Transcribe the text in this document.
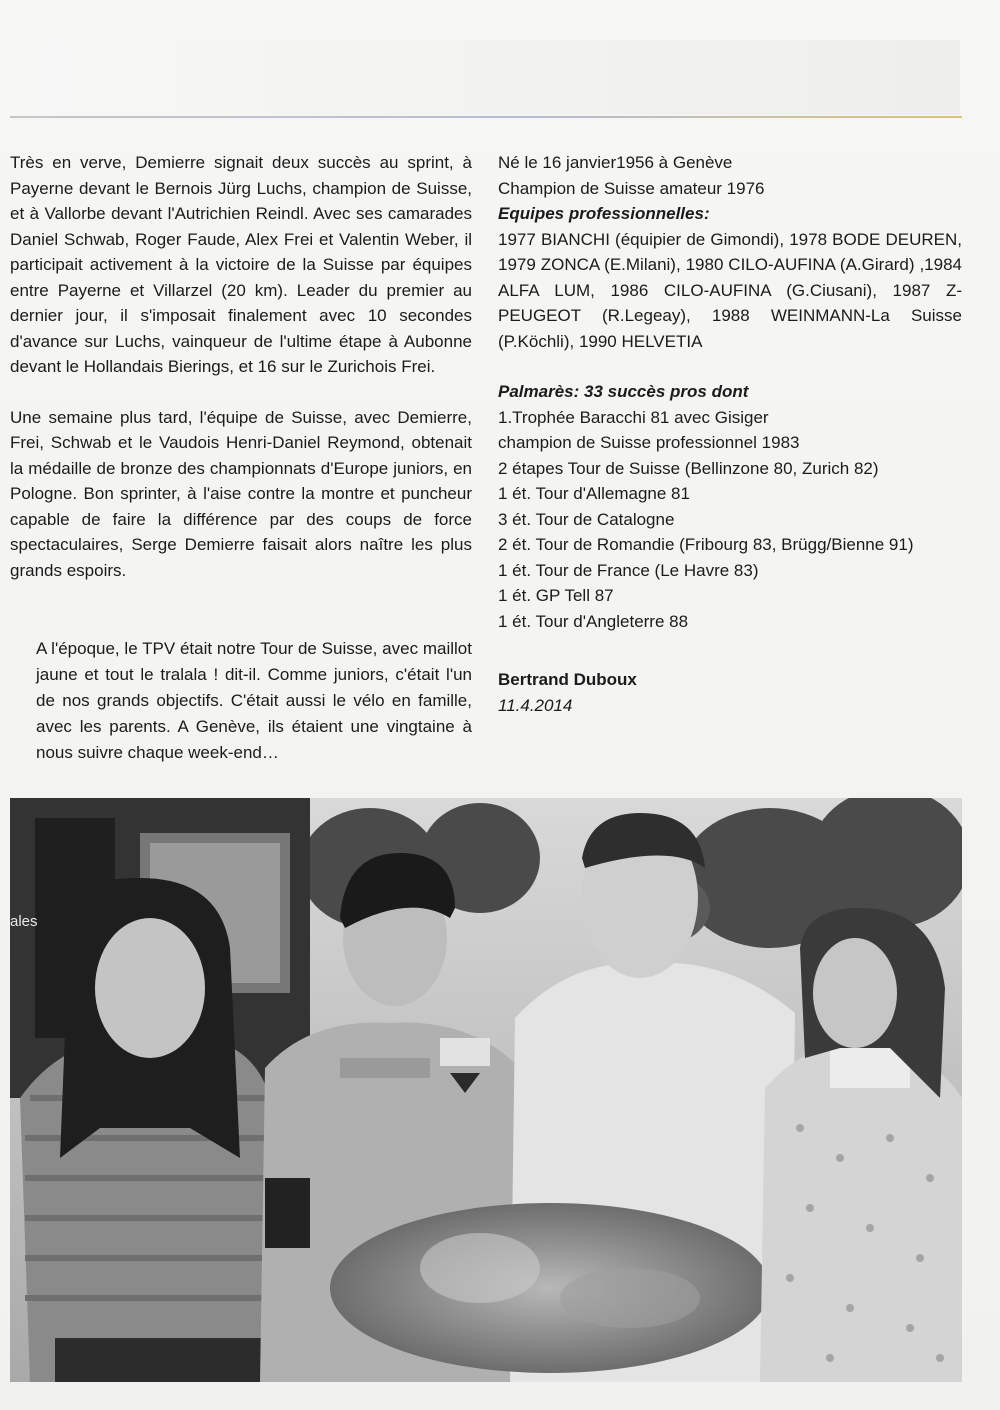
Très en verve, Demierre signait deux succès au sprint, à Payerne devant le Bernois Jürg Luchs, champion de Suisse, et à Vallorbe devant l'Autrichien Reindl. Avec ses camarades Daniel Schwab, Roger Faude, Alex Frei et Valentin Weber, il participait activement à la victoire de la Suisse par équipes entre Payerne et Villarzel (20 km). Leader du premier au dernier jour, il s'imposait finalement avec 10 secondes d'avance sur Luchs, vainqueur de l'ultime étape à Aubonne devant le Hollandais Bierings, et 16 sur le Zurichois Frei.

Une semaine plus tard, l'équipe de Suisse, avec Demierre, Frei, Schwab et le Vaudois Henri-Daniel Reymond, obtenait la médaille de bronze des championnats d'Europe juniors, en Pologne. Bon sprinter, à l'aise contre la montre et puncheur capable de faire la différence par des coups de force spectaculaires, Serge Demierre faisait alors naître les plus grands espoirs.

A l'époque, le TPV était notre Tour de Suisse, avec maillot jaune et tout le tralala ! dit-il. Comme juniors, c'était l'un de nos grands objectifs. C'était aussi le vélo en famille, avec les parents. A Genève, ils étaient une vingtaine à nous suivre chaque week-end…
Né le 16 janvier1956 à Genève
Champion de Suisse amateur 1976
Equipes professionnelles:
1977 BIANCHI (équipier de Gimondi), 1978 BODE DEUREN, 1979 ZONCA (E.Milani), 1980 CILO-AUFINA (A.Girard) ,1984 ALFA LUM, 1986 CILO-AUFINA (G.Ciusani), 1987 Z-PEUGEOT (R.Legeay), 1988 WEINMANN-La Suisse (P.Köchli), 1990 HELVETIA
Palmarès: 33 succès pros dont
1.Trophée Baracchi 81 avec Gisiger
champion de Suisse professionnel 1983
2 étapes Tour de Suisse (Bellinzone 80, Zurich 82)
1 ét. Tour d'Allemagne 81
3 ét. Tour de Catalogne
2 ét. Tour de Romandie (Fribourg 83, Brügg/Bienne 91)
1 ét. Tour de France (Le Havre 83)
1 ét. GP Tell 87
1 ét. Tour d'Angleterre 88
Bertrand Duboux
11.4.2014
ales
